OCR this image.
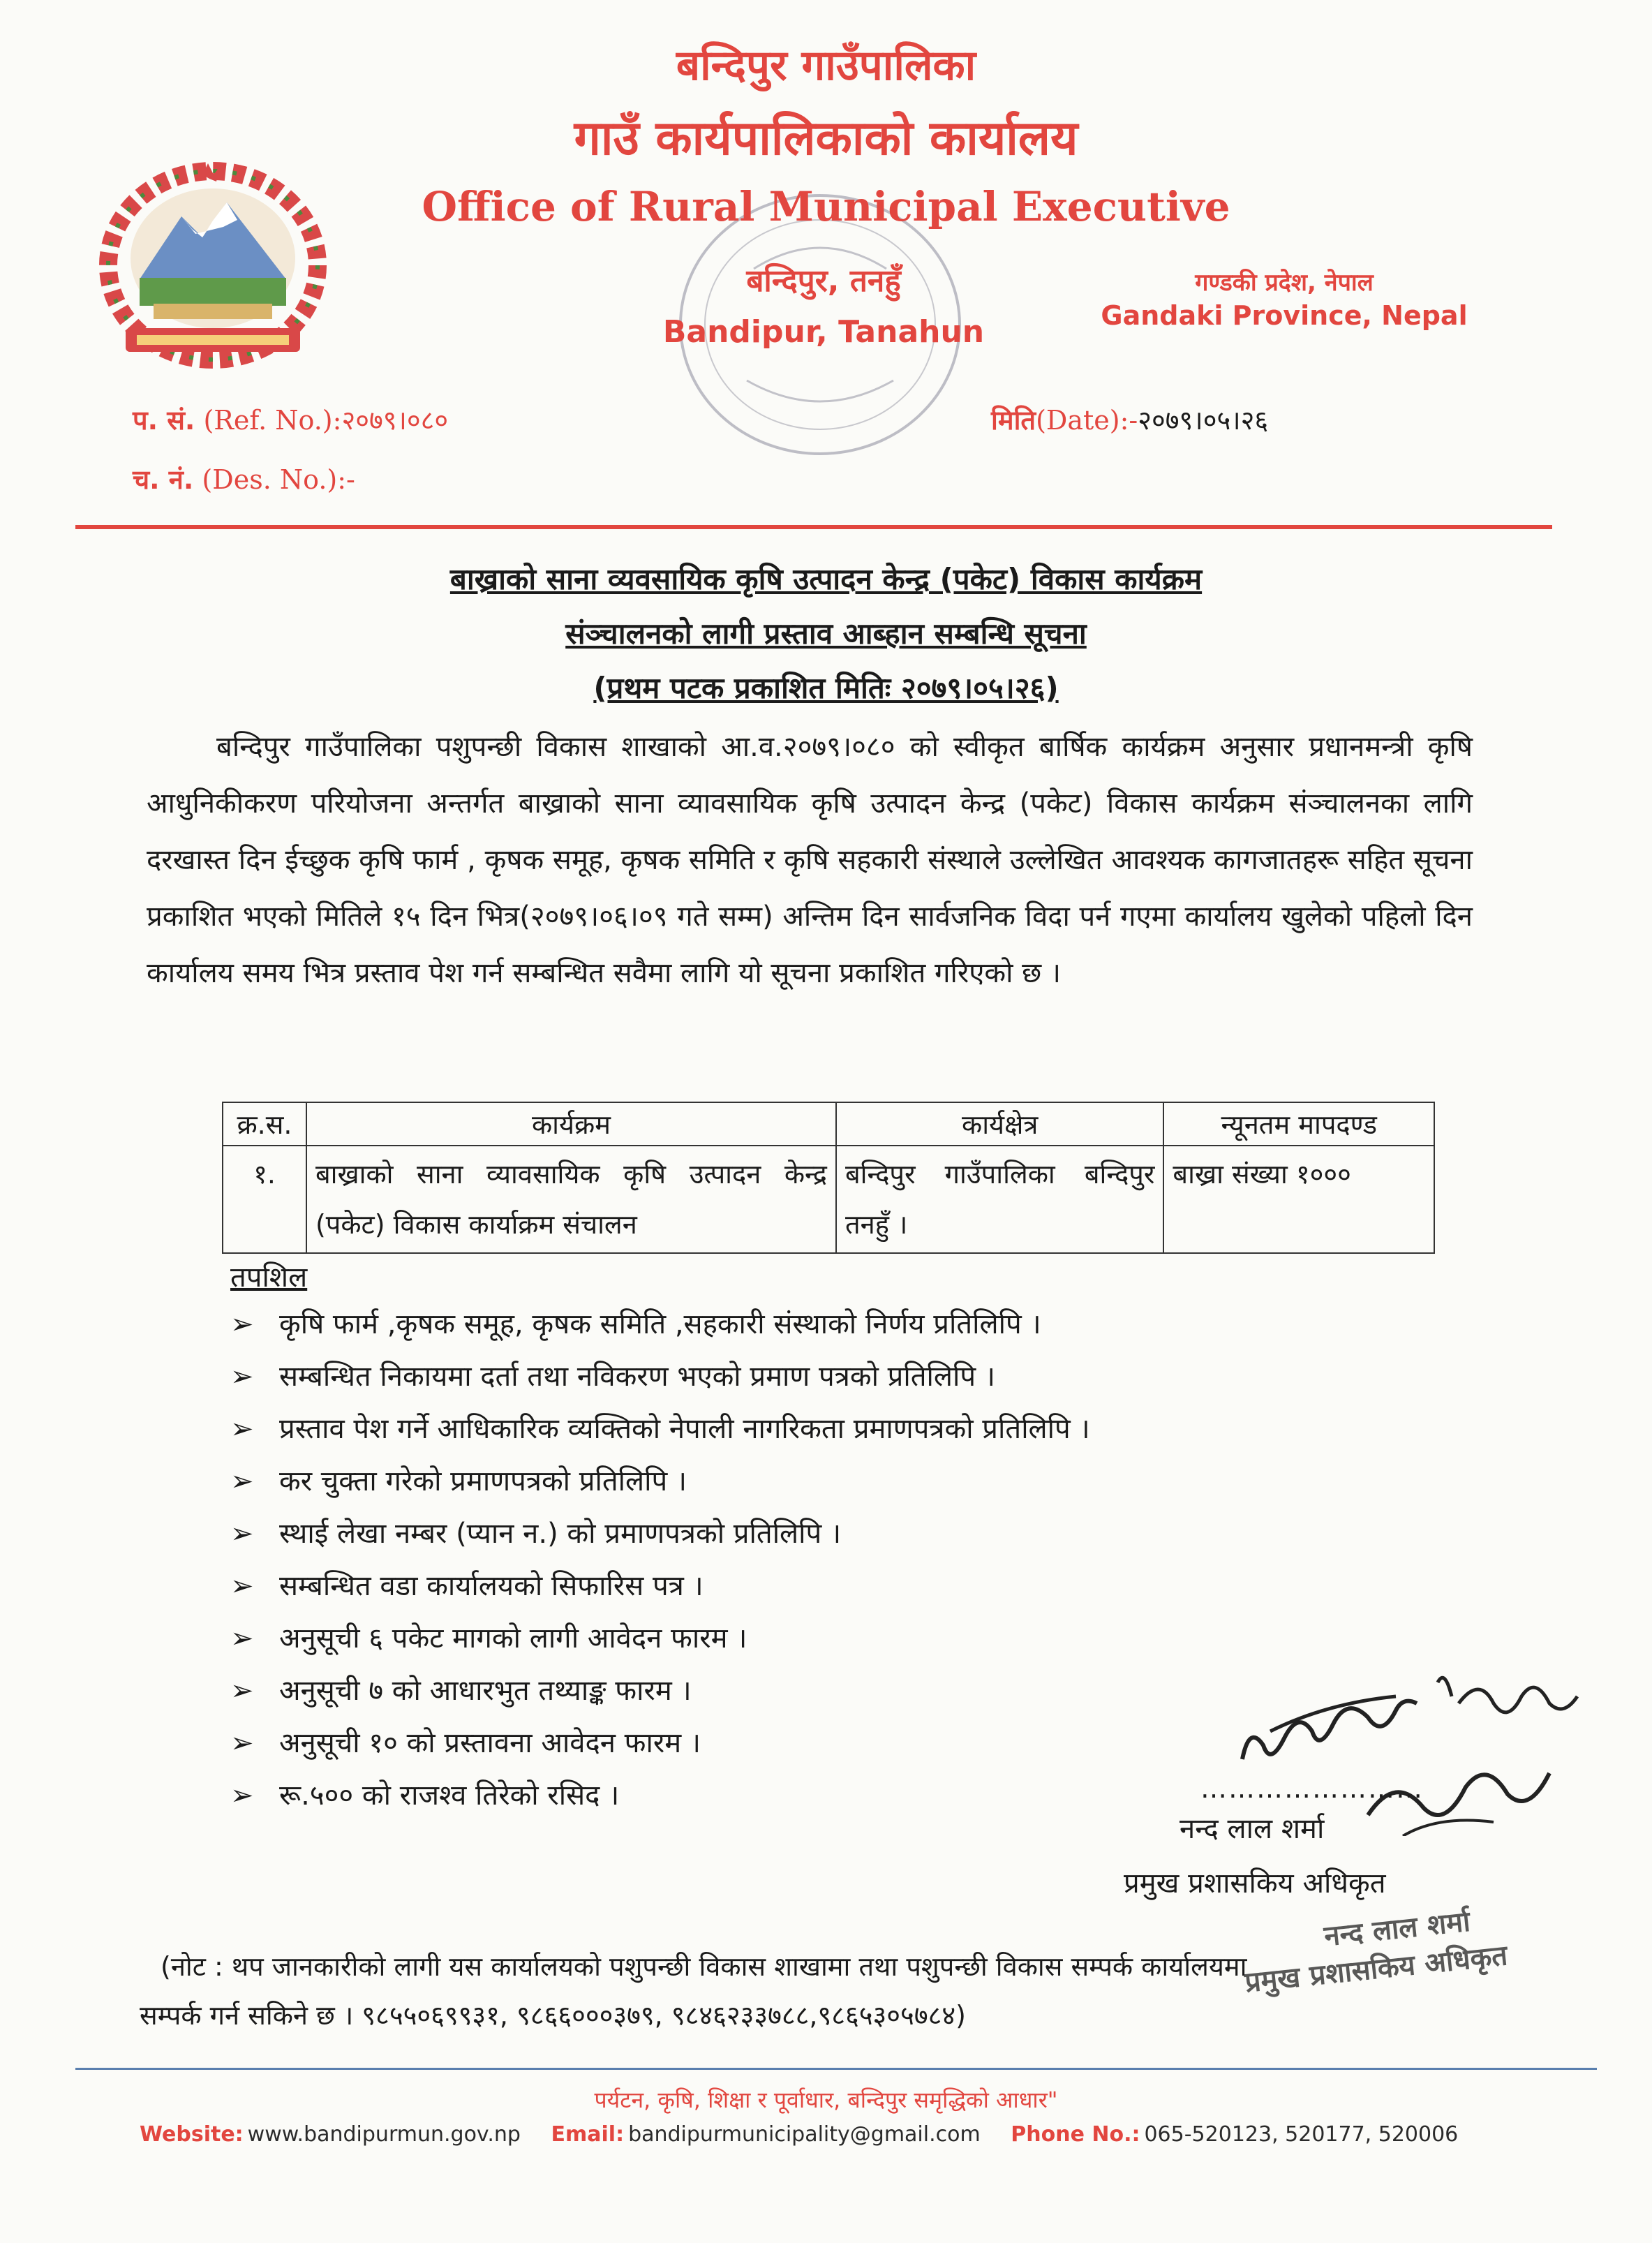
बन्दिपुर गाउँपालिका
गाउँ कार्यपालिकाको कार्यालय
Office of Rural Municipal Executive
बन्दिपुर, तनहुँ
Bandipur, Tanahun
गण्डकी प्रदेश, नेपाल
Gandaki Province, Nepal
प. सं. (Ref. No.):२०७९।०८०
च. नं. (Des. No.):-
मिति(Date):-२०७९।०५।२६
बाख्राको साना व्यवसायिक कृषि उत्पादन केन्द्र (पकेट) विकास कार्यक्रम
संञ्चालनको लागी प्रस्ताव आब्हान सम्बन्धि सूचना
(प्रथम पटक प्रकाशित मितिः २०७९।०५।२६)
बन्दिपुर गाउँपालिका पशुपन्छी विकास शाखाको आ.व.२०७९।०८० को स्वीकृत बार्षिक कार्यक्रम अनुसार प्रधानमन्त्री कृषि आधुनिकीकरण परियोजना अन्तर्गत बाख्राको साना व्यावसायिक कृषि उत्पादन केन्द्र (पकेट) विकास कार्यक्रम संञ्चालनका लागि दरखास्त दिन ईच्छुक कृषि फार्म , कृषक समूह, कृषक समिति र कृषि सहकारी संस्थाले उल्लेखित आवश्यक कागजातहरू सहित सूचना प्रकाशित भएको मितिले १५ दिन भित्र(२०७९।०६।०९ गते सम्म) अन्तिम दिन सार्वजनिक विदा पर्न गएमा कार्यालय खुलेको पहिलो दिन कार्यालय समय भित्र प्रस्ताव पेश गर्न सम्बन्धित सवैमा लागि यो सूचना प्रकाशित गरिएको छ ।
क्र.स.	कार्यक्रम	कार्यक्षेत्र	न्यूनतम मापदण्ड
१.	बाख्राको साना व्यावसायिक कृषि उत्पादन केन्द्र (पकेट) विकास कार्याक्रम संचालन	बन्दिपुर गाउँपालिका बन्दिपुर तनहुँ ।	बाख्रा संख्या १०००
तपशिल
➢ कृषि फार्म ,कृषक समूह, कृषक समिति ,सहकारी संस्थाको निर्णय प्रतिलिपि ।
➢ सम्बन्धित निकायमा दर्ता तथा नविकरण भएको प्रमाण पत्रको प्रतिलिपि ।
➢ प्रस्ताव पेश गर्ने आधिकारिक व्यक्तिको नेपाली नागरिकता प्रमाणपत्रको प्रतिलिपि ।
➢ कर चुक्ता गरेको प्रमाणपत्रको प्रतिलिपि ।
➢ स्थाई लेखा नम्बर (प्यान न.) को प्रमाणपत्रको प्रतिलिपि ।
➢ सम्बन्धित वडा कार्यालयको सिफारिस पत्र ।
➢ अनुसूची ६ पकेट मागको लागी आवेदन फारम ।
➢ अनुसूची ७ को आधारभुत तथ्याङ्क फारम ।
➢ अनुसूची १० को प्रस्तावना आवेदन फारम ।
➢ रू.५०० को राजश्व तिरेको रसिद ।	……………………
नन्द लाल शर्मा
प्रमुख प्रशासकिय अधिकृत
नन्द लाल शर्मा
प्रमुख प्रशासकिय अधिकृत
(नोट : थप जानकारीको लागी यस कार्यालयको पशुपन्छी विकास शाखामा तथा पशुपन्छी विकास सम्पर्क कार्यालयमा
सम्पर्क गर्न सकिने छ । ९८५५०६९९३१, ९८६६०००३७९, ९८४६२३३७८८,९८६५३०५७८४)
पर्यटन, कृषि, शिक्षा र पूर्वाधार, बन्दिपुर समृद्धिको आधार"
Website: www.bandipurmun.gov.np Email: bandipurmunicipality@gmail.com Phone No.: 065-520123, 520177, 520006
